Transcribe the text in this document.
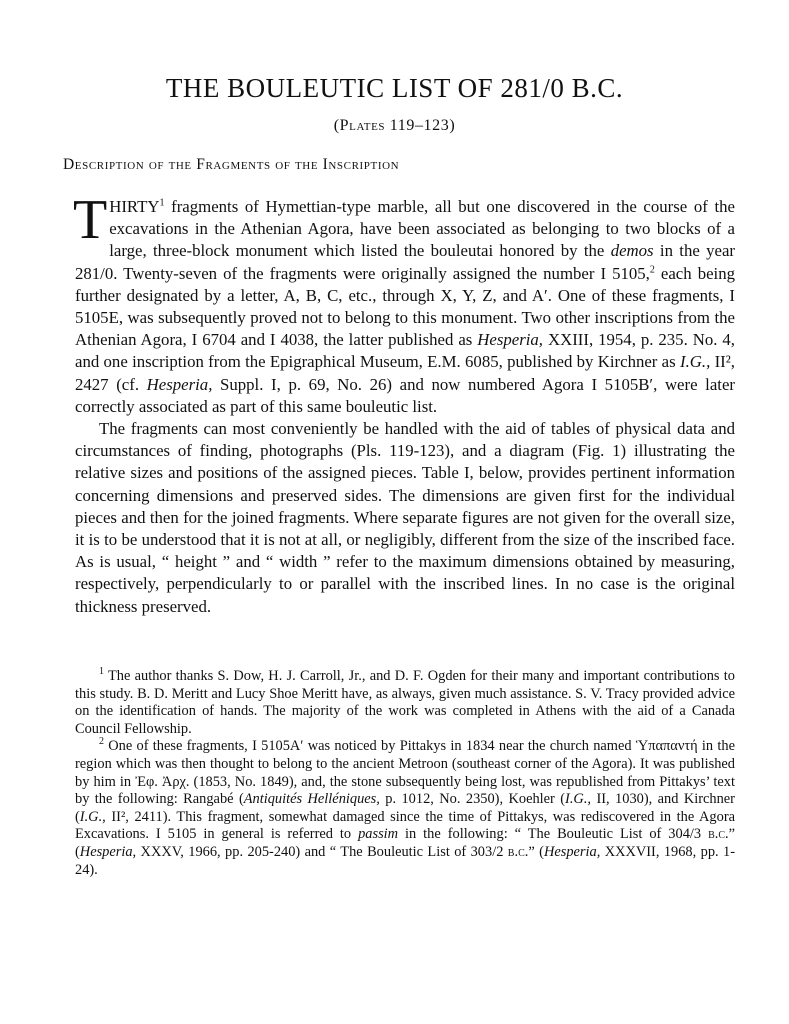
THE BOULEUTIC LIST OF 281/0 B.C.
(Plates 119–123)
Description of the Fragments of the Inscription

THIRTY$^1$ fragments of Hymettian-type marble, all but one discovered in the course of the excavations in the Athenian Agora, have been associated as belonging to two blocks of a large, three-block monument which listed the bouleutai honored by the demos in the year 281/0. Twenty-seven of the fragments were originally assigned the number I 5105,$^2$ each being further designated by a letter, A, B, C, etc., through X, Y, Z, and A′. One of these fragments, I 5105E, was subsequently proved not to belong to this monument. Two other inscriptions from the Athenian Agora, I 6704 and I 4038, the latter published as Hesperia, XXIII, 1954, p. 235. No. 4, and one inscription from the Epigraphical Museum, E.M. 6085, published by Kirchner as I.G., II², 2427 (cf. Hesperia, Suppl. I, p. 69, No. 26) and now numbered Agora I 5105B′, were later correctly associated as part of this same bouleutic list.

The fragments can most conveniently be handled with the aid of tables of physical data and circumstances of finding, photographs (Pls. 119-123), and a diagram (Fig. 1) illustrating the relative sizes and positions of the assigned pieces. Table I, below, provides pertinent information concerning dimensions and preserved sides. The dimensions are given first for the individual pieces and then for the joined fragments. Where separate figures are not given for the overall size, it is to be understood that it is not at all, or negligibly, different from the size of the inscribed face. As is usual, “ height ” and “ width ” refer to the maximum dimensions obtained by measuring, respectively, perpendicularly to or parallel with the inscribed lines. In no case is the original thickness preserved.

$^1$ The author thanks S. Dow, H. J. Carroll, Jr., and D. F. Ogden for their many and important contributions to this study. B. D. Meritt and Lucy Shoe Meritt have, as always, given much assistance. S. V. Tracy provided advice on the identification of hands. The majority of the work was completed in Athens with the aid of a Canada Council Fellowship.

$^2$ One of these fragments, I 5105A′ was noticed by Pittakys in 1834 near the church named Ὑπαπαντή in the region which was then thought to belong to the ancient Metroon (southeast corner of the Agora). It was published by him in Ἐφ. Ἀρχ. (1853, No. 1849), and, the stone subsequently being lost, was republished from Pittakys’ text by the following: Rangabé (Antiquités Helléniques, p. 1012, No. 2350), Koehler (I.G., II, 1030), and Kirchner (I.G., II², 2411). This fragment, somewhat damaged since the time of Pittakys, was rediscovered in the Agora Excavations. I 5105 in general is referred to passim in the following: “ The Bouleutic List of 304/3 b.c.” (Hesperia, XXXV, 1966, pp. 205-240) and “ The Bouleutic List of 303/2 b.c.” (Hesperia, XXXVII, 1968, pp. 1-24).
